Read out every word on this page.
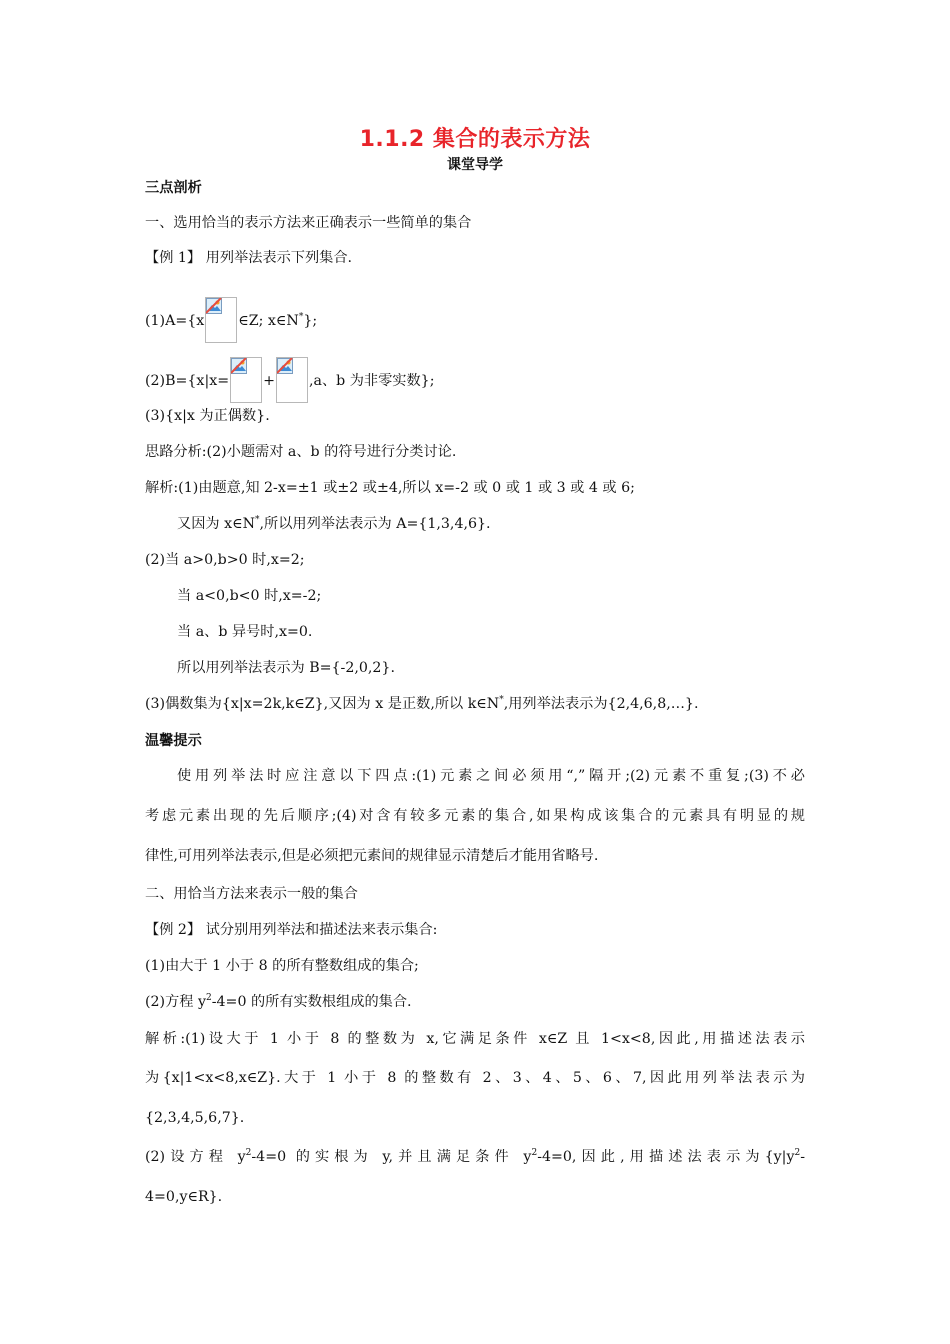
1.1.2 集合的表示方法
课堂导学
三点剖析
一、选用恰当的表示方法来正确表示一些简单的集合
【例 1】 用列举法表示下列集合.
(1)A={x ∈Z; x∈N*};
(2)B={x|x= + ,a、b 为非零实数};
(3){x|x 为正偶数}.
思路分析:(2)小题需对 a、b 的符号进行分类讨论.
解析:(1)由题意,知 2-x=±1 或±2 或±4,所以 x=-2 或 0 或 1 或 3 或 4 或 6;
又因为 x∈N*,所以用列举法表示为 A={1,3,4,6}.
(2)当 a>0,b>0 时,x=2;
当 a<0,b<0 时,x=-2;
当 a、b 异号时,x=0.
所以用列举法表示为 B={-2,0,2}.
(3)偶数集为{x|x=2k,k∈Z},又因为 x 是正数,所以 k∈N*,用列举法表示为{2,4,6,8,…}.
温馨提示
使用列举法时应注意以下四点:(1)元素之间必须用“,”隔开;(2)元素不重复;(3)不必
考虑元素出现的先后顺序;(4)对含有较多元素的集合,如果构成该集合的元素具有明显的规
律性,可用列举法表示,但是必须把元素间的规律显示清楚后才能用省略号.
二、用恰当方法来表示一般的集合
【例 2】 试分别用列举法和描述法来表示集合:
(1)由大于 1 小于 8 的所有整数组成的集合;
(2)方程 $y^2-4=0$ 的所有实数根组成的集合.
解析:(1)设大于 1 小于 8 的整数为 x,它满足条件 x∈Z 且 1<x<8,因此,用描述法表示
为{x|1<x<8,x∈Z}.大于 1 小于 8 的整数有 2、3、4、5、6、7,因此用列举法表示为
{2,3,4,5,6,7}.
(2)设方程 $y^2-4=0$ 的实根为 y,并且满足条件 $y^2-4=0$,因此,用描述法表示为{$y|y^2-$
4=0,y∈R}.
